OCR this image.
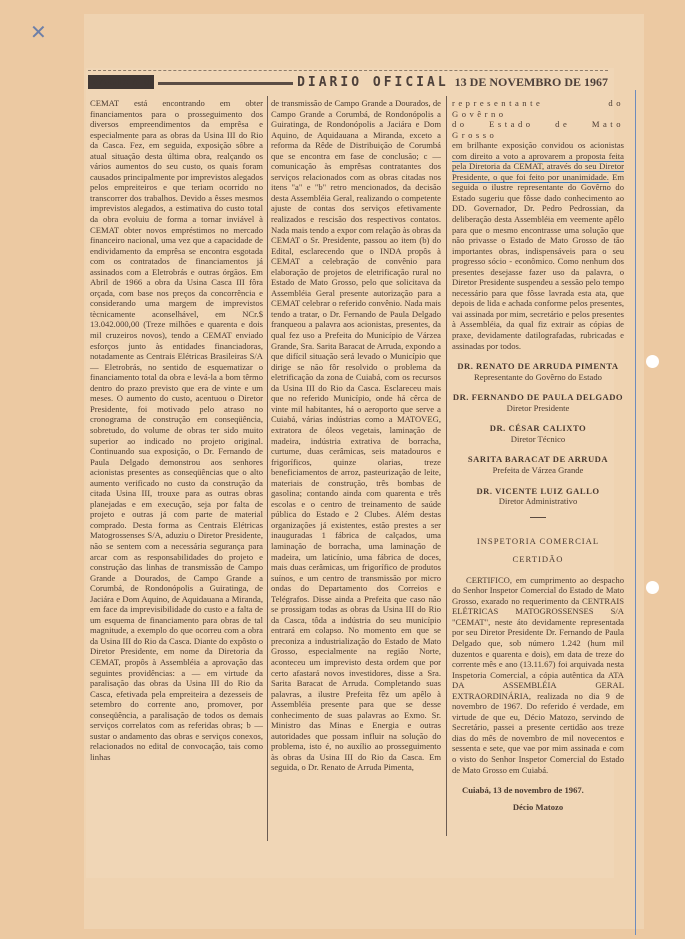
✕
PAGINA 8	DIARIO OFICIAL 13 DE NOVEMBRO DE 1967

CEMAT está encontrando em obter financiamentos para o prosseguimento dos diversos empreendimentos da emprêsa e especialmente para as obras da Usina III do Rio da Casca. Fez, em seguida, exposição sôbre a atual situação desta última obra, realçando os vários aumentos do seu custo, os quais foram causados principalmente por imprevistos alegados pelos empreiteiros e que teriam ocorrido no transcorrer dos trabalhos. Devido a êsses mesmos imprevistos alegados, a estimativa do custo total da obra evoluiu de forma a tornar inviável à CEMAT obter novos empréstimos no mercado financeiro nacional, uma vez que a capacidade de endividamento da emprêsa se encontra esgotada com os contratados de financiamentos já assinados com a Eletrobrás e outras órgãos. Em Abril de 1966 a obra da Usina Casca III fôra orçada, com base nos preços da concorrência e considerando uma margem de imprevistos tècnicamente aconselhável, em NCr.$ 13.042.000,00 (Treze milhões e quarenta e dois mil cruzeiros novos), tendo a CEMAT enviado esforços junto às entidades financiadoras, notadamente as Centrais Elétricas Brasileiras S/A — Eletrobrás, no sentido de esquematizar o financiamento total da obra e levá-la a bom têrmo dentro do prazo previsto que era de vinte e um meses. O aumento do custo, acentuou o Diretor Presidente, foi motivado pelo atraso no cronograma de construção em conseqüência, sobretudo, do volume de obras ter sido muito superior ao indicado no projeto original. Continuando sua exposição, o Dr. Fernando de Paula Delgado demonstrou aos senhores acionistas presentes as conseqüências que o alto aumento verificado no custo da construção da citada Usina III, trouxe para as outras obras planejadas e em execução, seja por falta de projeto e outras já com parte de material comprado. Desta forma as Centrais Elétricas Matogrossenses S/A, aduziu o Diretor Presidente, não se sentem com a necessária segurança para arcar com as responsabilidades do projeto e construção das linhas de transmissão de Campo Grande a Dourados, de Campo Grande a Corumbá, de Rondonópolis a Guiratinga, de Jaciára e Dom Aquino, de Aquidauana a Miranda, em face da imprevisibilidade do custo e a falta de um esquema de financiamento para obras de tal magnitude, a exemplo do que ocorreu com a obra da Usina III do Rio da Casca. Diante do expôsto o Diretor Presidente, em nome da Diretoria da CEMAT, propôs à Assembléia a aprovação das seguintes providências: a — em virtude da paralisação das obras da Usina III do Rio da Casca, efetivada pela empreiteira a dezesseis de setembro do corrente ano, promover, por conseqüência, a paralisação de todos os demais serviços correlatos com as referidas obras; b — sustar o andamento das obras e serviços conexos, relacionados no edital de convocação, tais como linhas

de transmissão de Campo Grande a Dourados, de Campo Grande a Corumbá, de Rondonópolis a Guiratinga, de Rondonópolis a Jaciára e Dom Aquino, de Aquidauana a Miranda, exceto a reforma da Rêde de Distribuição de Corumbá que se encontra em fase de conclusão; c — comunicação às emprêsas contratantes dos serviços relacionados com as obras citadas nos itens "a" e "b" retro mencionados, da decisão desta Assembléia Geral, realizando o competente ajuste de contas dos serviços efetivamente realizados e rescisão dos respectivos contatos. Nada mais tendo a expor com relação às obras da CEMAT o Sr. Presidente, passou ao item (b) do Edital, esclarecendo que o INDA propôs à CEMAT a celebração de convênio para elaboração de projetos de eletrificação rural no Estado de Mato Grosso, pelo que solicitava da Assembléia Geral presente autorização para a CEMAT celebrar o referido convênio. Nada mais tendo a tratar, o Dr. Fernando de Paula Delgado franqueou a palavra aos acionistas, presentes, da qual fez uso a Prefeita do Município de Várzea Grande, Sra. Sarita Baracat de Arruda, expondo a que difícil situação será levado o Município que dirige se não fôr resolvido o problema da eletrificação da zona de Cuiabá, com os recursos da Usina III do Rio da Casca. Esclareceu mais que no referido Município, onde há cêrca de vinte mil habitantes, há o aeroporto que serve a Cuiabá, várias indústrias como a MATOVEG, extratora de óleos vegetais, laminação de madeira, indústria extrativa de borracha, curtume, duas cerâmicas, seis matadouros e frigoríficos, quinze olarias, treze beneficiamentos de arroz, pasteurização de leite, materiais de construção, três bombas de gasolina; contando ainda com quarenta e três escolas e o centro de treinamento de saúde pública do Estado e 2 Clubes. Além destas organizações já existentes, estão prestes a ser inauguradas 1 fábrica de calçados, uma laminação de borracha, uma laminação de madeira, um laticínio, uma fábrica de doces, mais duas cerâmicas, um frigorífico de produtos suínos, e um centro de transmissão por micro ondas do Departamento dos Correios e Telégrafos. Disse ainda a Prefeita que caso não se prossigam todas as obras da Usina III do Rio da Casca, tôda a indústria do seu município entrará em colapso. No momento em que se preconiza a industrialização do Estado de Mato Grosso, especialmente na região Norte, aconteceu um imprevisto desta ordem que por certo afastará novos investidores, disse a Sra. Sarita Baracat de Arruda. Completando suas palavras, a ilustre Prefeita fêz um apêlo à Assembléia presente para que se desse conhecimento de suas palavras ao Exmo. Sr. Ministro das Minas e Energia e outras autoridades que possam influir na solução do problema, isto é, no auxílio ao prosseguimento às obras da Usina III do Rio da Casca. Em seguida, o Dr. Renato de Arruda Pimenta,

representante do Govêrno
do Estado de Mato Grosso

em brilhante exposição convidou os acionistas com direito a voto a aprovarem a proposta feita pela Diretoria da CEMAT, através do seu Diretor Presidente, o que foi feito por unanimidade. Em seguida o ilustre representante do Govêrno do Estado sugeriu que fôsse dado conhecimento ao DD. Governador, Dr. Pedro Pedrossian, da deliberação desta Assembléia em veemente apêlo para que o mesmo encontrasse uma solução que não privasse o Estado de Mato Grosso de tão importantes obras, indispensáveis para o seu progresso sócio - econômico. Como nenhum dos presentes desejasse fazer uso da palavra, o Diretor Presidente suspendeu a sessão pelo tempo necessário para que fôsse lavrada esta ata, que depois de lida e achada conforme pelos presentes, vai assinada por mim, secretário e pelos presentes à Assembléia, da qual fiz extrair as cópias de praxe, devidamente datilografadas, rubricadas e assinadas por todos.

DR. RENATO DE ARRUDA PIMENTA
Representante do Govêrno do Estado
DR. FERNANDO DE PAULA DELGADO
Diretor Presidente
DR. CÉSAR CALIXTO
Diretor Técnico
SARITA BARACAT DE ARRUDA
Prefeita de Várzea Grande
DR. VICENTE LUIZ GALLO
Diretor Administrativo
INSPETORIA COMERCIAL
CERTIDÃO

CERTIFICO, em cumprimento ao despacho do Senhor Inspetor Comercial do Estado de Mato Grosso, exarado no requerimento da CENTRAIS ELÉTRICAS MATOGROSSENSES S/A "CEMAT", neste áto devidamente representada por seu Diretor Presidente Dr. Fernando de Paula Delgado que, sob número 1.242 (hum mil duzentos e quarenta e dois), em data de treze do corrente mês e ano (13.11.67) foi arquivada nesta Inspetoria Comercial, a cópia autêntica da ATA DA ASSEMBLÉIA GERAL EXTRAORDINÁRIA, realizada no dia 9 de novembro de 1967. Do referido é verdade, em virtude de que eu, Décio Matozo, servindo de Secretário, passei a presente certidão aos treze dias do mês de novembro de mil novecentos e sessenta e sete, que vae por mim assinada e com o visto do Senhor Inspetor Comercial do Estado de Mato Grosso em Cuiabá.

Cuiabá, 13 de novembro de 1967.
Décio Matozo
